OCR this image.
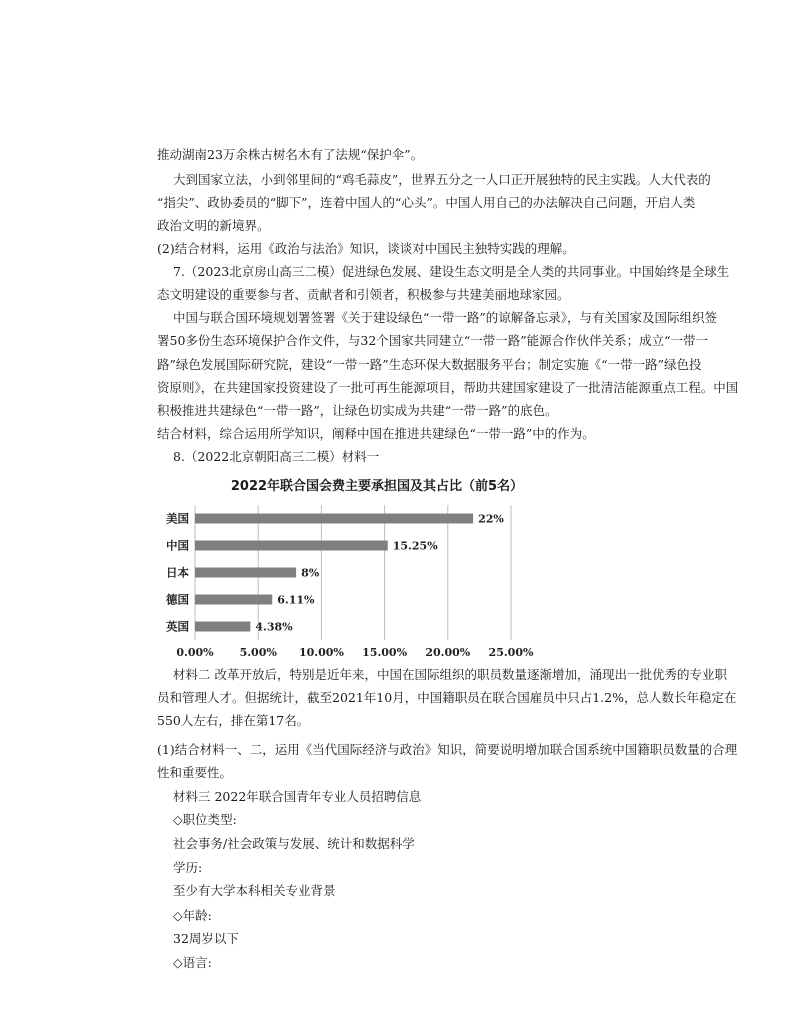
推动湖南23万余株古树名木有了法规“保护伞”。
大到国家立法，小到邻里间的“鸡毛蒜皮”，世界五分之一人口正开展独特的民主实践。人大代表的
“指尖”、政协委员的“脚下”，连着中国人的“心头”。中国人用自己的办法解决自己问题，开启人类
政治文明的新境界。
(2)结合材料，运用《政治与法治》知识，谈谈对中国民主独特实践的理解。
7.（2023北京房山高三二模）促进绿色发展、建设生态文明是全人类的共同事业。中国始终是全球生
态文明建设的重要参与者、贡献者和引领者，积极参与共建美丽地球家园。
中国与联合国环境规划署签署《关于建设绿色“一带一路”的谅解备忘录》，与有关国家及国际组织签
署50多份生态环境保护合作文件，与32个国家共同建立“一带一路”能源合作伙伴关系；成立“一带一
路”绿色发展国际研究院，建设“一带一路”生态环保大数据服务平台；制定实施《“一带一路”绿色投
资原则》，在共建国家投资建设了一批可再生能源项目，帮助共建国家建设了一批清洁能源重点工程。中国
积极推进共建绿色“一带一路”，让绿色切实成为共建“一带一路”的底色。
结合材料，综合运用所学知识，阐释中国在推进共建绿色“一带一路”中的作为。
8.（2022北京朝阳高三二模）材料一
2022年联合国会费主要承担国及其占比（前5名）
0.00% 5.00% 10.00% 15.00% 20.00% 25.00%
美国	22%
中国	15.25%
日本	8%
德国	6.11%
英国	4.38%
材料二 改革开放后，特别是近年来，中国在国际组织的职员数量逐渐增加，涌现出一批优秀的专业职
员和管理人才。但据统计，截至2021年10月，中国籍职员在联合国雇员中只占1.2%，总人数长年稳定在
550人左右，排在第17名。
(1)结合材料一、二，运用《当代国际经济与政治》知识，简要说明增加联合国系统中国籍职员数量的合理
性和重要性。
材料三 2022年联合国青年专业人员招聘信息
◇职位类型:
社会事务/社会政策与发展、统计和数据科学
学历:
至少有大学本科相关专业背景
◇年龄:
32周岁以下
◇语言:
